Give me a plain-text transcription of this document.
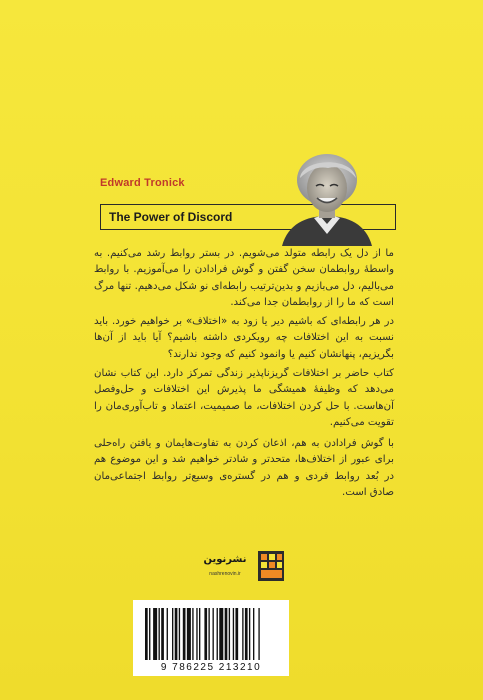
Edward Tronick
The Power of Discord
ما از دل یک رابطه متولد می‌شویم. در بستر روابط رشد می‌کنیم. به واسطهٔ روابطمان سخن گفتن و گوش فرادادن را می‌آموزیم. با روابط می‌بالیم، دل می‌بازیم و بدین‌ترتیب رابطه‌ای نو شکل می‌دهیم. تنها مرگ است که ما را از روابطمان جدا می‌کند.
در هر رابطه‌ای که باشیم دیر یا زود به «اختلاف» بر خواهیم خورد. باید نسبت به این اختلافات چه رویکردی داشته باشیم؟ آیا باید از آن‌ها بگریزیم، پنهانشان کنیم یا وانمود کنیم که وجود ندارند؟
کتاب حاضر بر اختلافات گریزناپذیر زندگی تمرکز دارد. این کتاب نشان می‌دهد که وظیفهٔ همیشگی ما پذیرش این اختلافات و حل‌وفصل آن‌هاست. با حل کردن اختلافات، ما صمیمیت، اعتماد و تاب‌آوری‌مان را تقویت می‌کنیم.
با گوش فرادادن به هم، اذعان کردن به تفاوت‌هایمان و یافتن راه‌حلی برای عبور از اختلاف‌ها، متحدتر و شادتر خواهیم شد و این موضوع هم در بُعد روابط فردی و هم در گستره‌ی وسیع‌تر روابط اجتماعی‌مان صادق است.
نشرنوین
nashrenovin.ir
9 786225 213210
